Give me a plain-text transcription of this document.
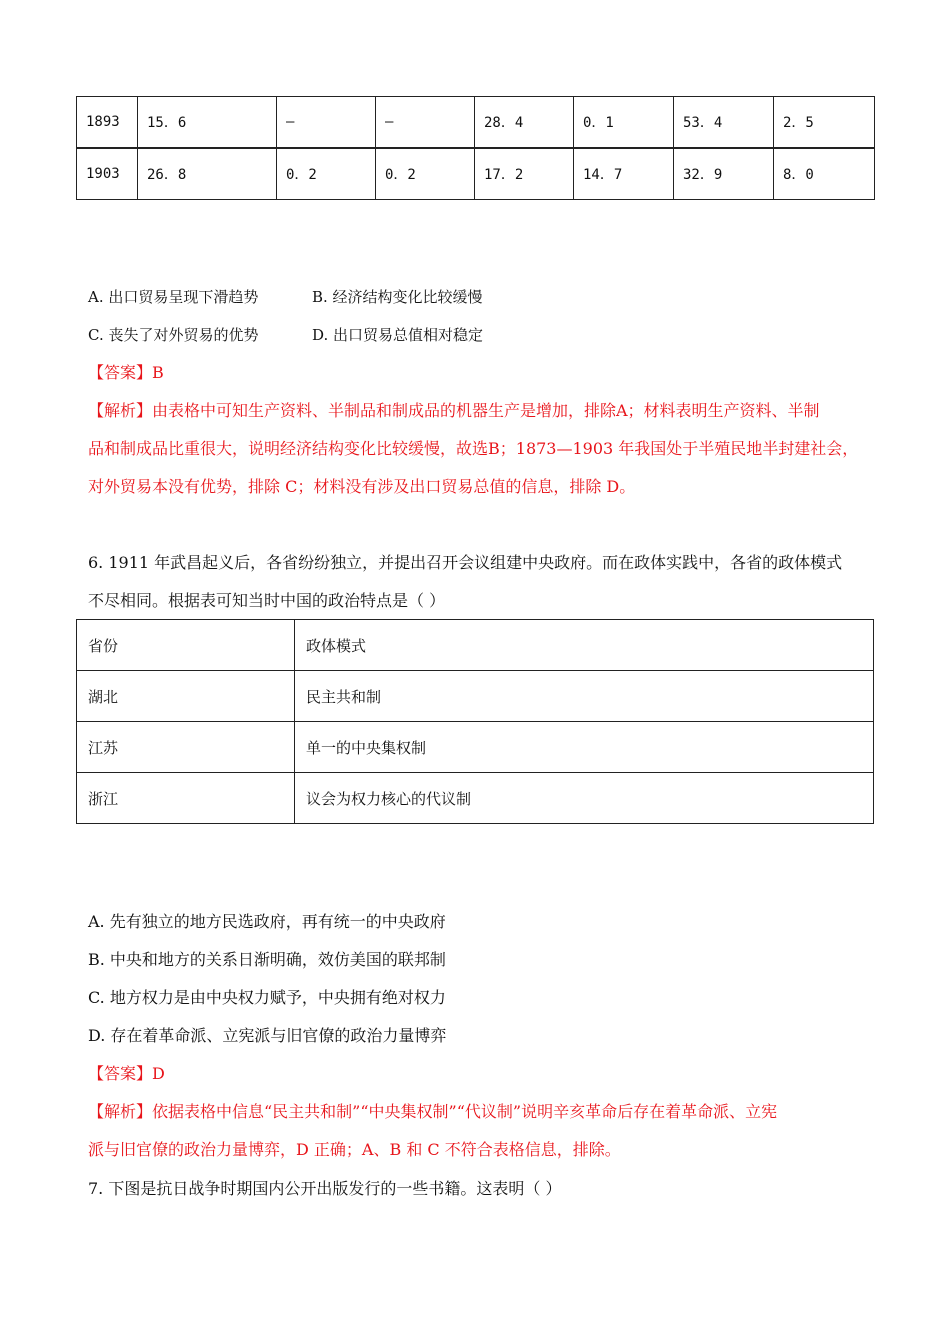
1893	15．6	—	—	28．4	0．1	53．4	2．5
1903	26．8	0．2	0．2	17．2	14．7	32．9	8．0
A. 出口贸易呈现下滑趋势	B. 经济结构变化比较缓慢
C. 丧失了对外贸易的优势	D. 出口贸易总值相对稳定
【答案】B
【解析】由表格中可知生产资料、半制品和制成品的机器生产是增加，排除A；材料表明生产资料、半制
品和制成品比重很大，说明经济结构变化比较缓慢，故选B；1873—1903 年我国处于半殖民地半封建社会，
对外贸易本没有优势，排除 C；材料没有涉及出口贸易总值的信息，排除 D。
6. 1911 年武昌起义后，各省纷纷独立，并提出召开会议组建中央政府。而在政体实践中，各省的政体模式
不尽相同。根据表可知当时中国的政治特点是（ ）
省份	政体模式
湖北	民主共和制
江苏	单一的中央集权制
浙江	议会为权力核心的代议制
A. 先有独立的地方民选政府，再有统一的中央政府
B. 中央和地方的关系日渐明确，效仿美国的联邦制
C. 地方权力是由中央权力赋予，中央拥有绝对权力
D. 存在着革命派、立宪派与旧官僚的政治力量博弈
【答案】D
【解析】依据表格中信息“民主共和制”“中央集权制”“代议制”说明辛亥革命后存在着革命派、立宪
派与旧官僚的政治力量博弈，D 正确；A、B 和 C 不符合表格信息，排除。
7. 下图是抗日战争时期国内公开出版发行的一些书籍。这表明（ ）
